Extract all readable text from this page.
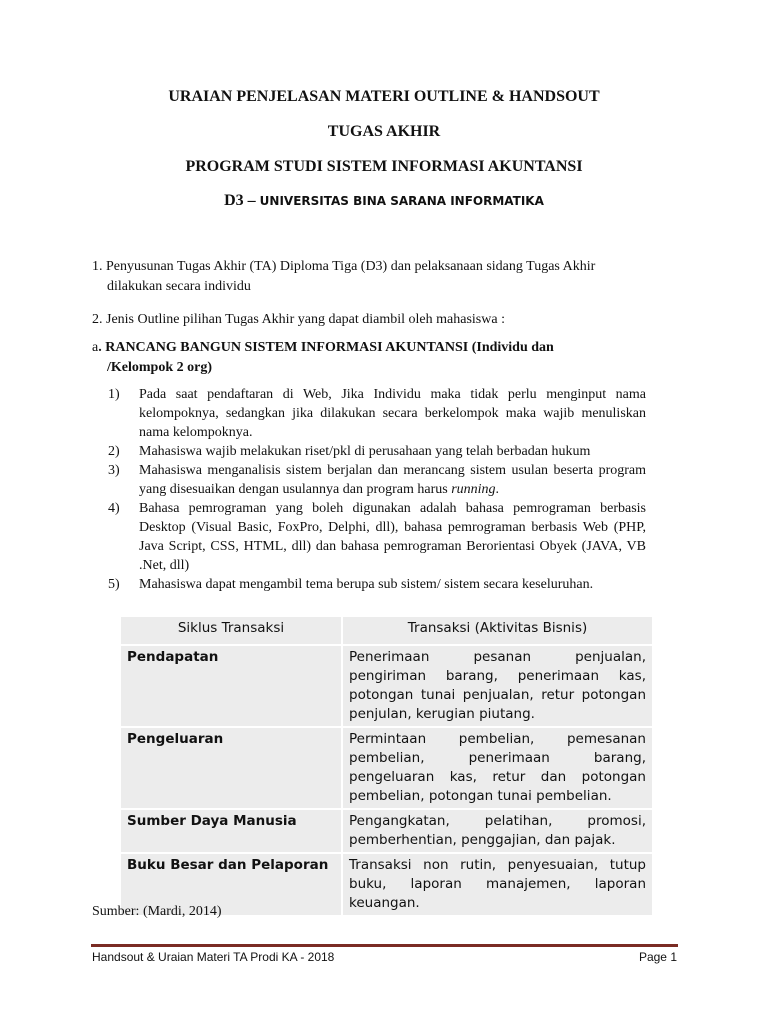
URAIAN PENJELASAN MATERI OUTLINE & HANDSOUT
TUGAS AKHIR
PROGRAM STUDI SISTEM INFORMASI AKUNTANSI
D3 – UNIVERSITAS BINA SARANA INFORMATIKA
1. Penyusunan Tugas Akhir (TA) Diploma Tiga (D3) dan pelaksanaan sidang Tugas Akhir
dilakukan secara individu
2. Jenis Outline pilihan Tugas Akhir yang dapat diambil oleh mahasiswa :
a. RANCANG BANGUN SISTEM INFORMASI AKUNTANSI (Individu dan
/Kelompok 2 org)
1) Pada saat pendaftaran di Web, Jika Individu maka tidak perlu menginput nama kelompoknya, sedangkan jika dilakukan secara berkelompok maka wajib menuliskan nama kelompoknya.
2) Mahasiswa wajib melakukan riset/pkl di perusahaan yang telah berbadan hukum
3) Mahasiswa menganalisis sistem berjalan dan merancang sistem usulan beserta program yang disesuaikan dengan usulannya dan program harus running.
4) Bahasa pemrograman yang boleh digunakan adalah bahasa pemrograman berbasis Desktop (Visual Basic, FoxPro, Delphi, dll), bahasa pemrograman berbasis Web (PHP, Java Script, CSS, HTML, dll) dan bahasa pemrograman Berorientasi Obyek (JAVA, VB .Net, dll)
5) Mahasiswa dapat mengambil tema berupa sub sistem/ sistem secara keseluruhan.
Siklus Transaksi	Transaksi (Aktivitas Bisnis)
Pendapatan	Penerimaan pesanan penjualan, pengiriman barang, penerimaan kas, potongan tunai penjualan, retur potongan penjulan, kerugian piutang.
Pengeluaran	Permintaan pembelian, pemesanan pembelian, penerimaan barang, pengeluaran kas, retur dan potongan pembelian, potongan tunai pembelian.
Sumber Daya Manusia	Pengangkatan, pelatihan, promosi, pemberhentian, penggajian, dan pajak.
Buku Besar dan Pelaporan	Transaksi non rutin, penyesuaian, tutup buku, laporan manajemen, laporan keuangan.
Sumber: (Mardi, 2014)
Handsout & Uraian Materi TA Prodi KA - 2018	Page 1
